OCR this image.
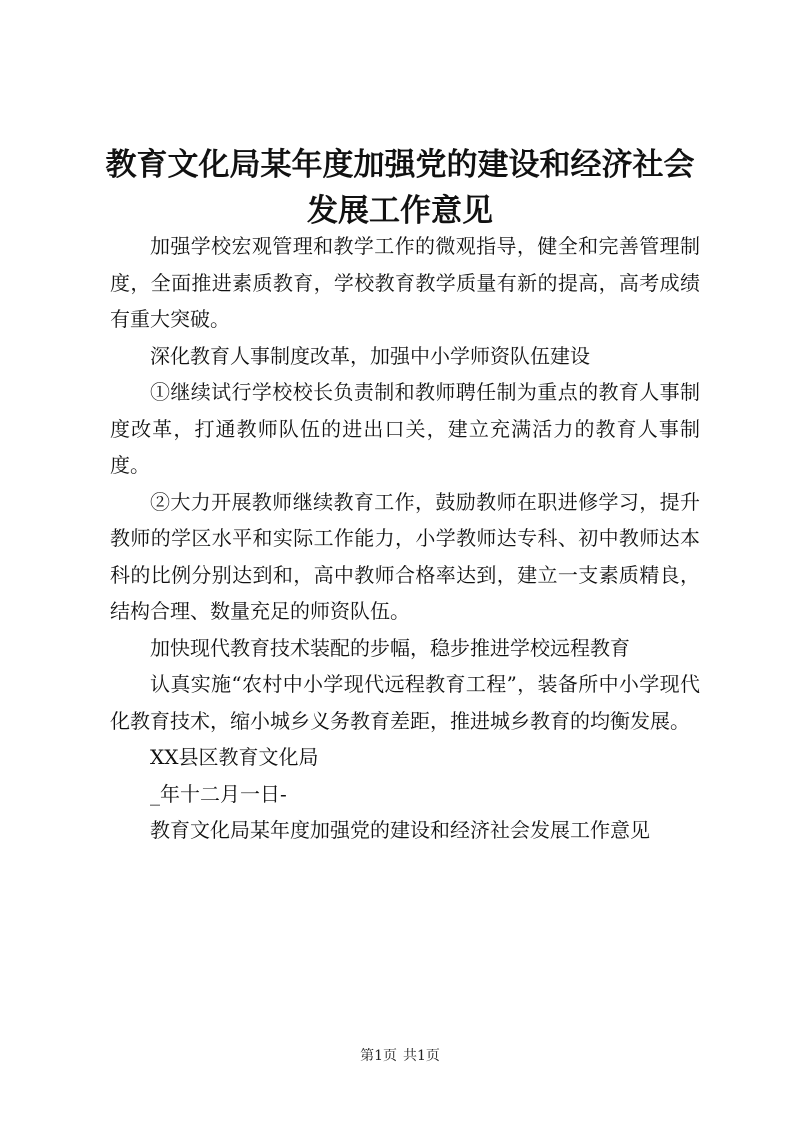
教育文化局某年度加强党的建设和经济社会发展工作意见

加强学校宏观管理和教学工作的微观指导，健全和完善管理制度，全面推进素质教育，学校教育教学质量有新的提高，高考成绩有重大突破。

深化教育人事制度改革，加强中小学师资队伍建设

①继续试行学校校长负责制和教师聘任制为重点的教育人事制度改革，打通教师队伍的进出口关，建立充满活力的教育人事制度。

②大力开展教师继续教育工作，鼓励教师在职进修学习，提升教师的学区水平和实际工作能力，小学教师达专科、初中教师达本科的比例分别达到和，高中教师合格率达到，建立一支素质精良，结构合理、数量充足的师资队伍。

加快现代教育技术装配的步幅，稳步推进学校远程教育

认真实施“农村中小学现代远程教育工程”，装备所中小学现代化教育技术，缩小城乡义务教育差距，推进城乡教育的均衡发展。

XX县区教育文化局

_年十二月一日-

教育文化局某年度加强党的建设和经济社会发展工作意见

第1页 共1页
